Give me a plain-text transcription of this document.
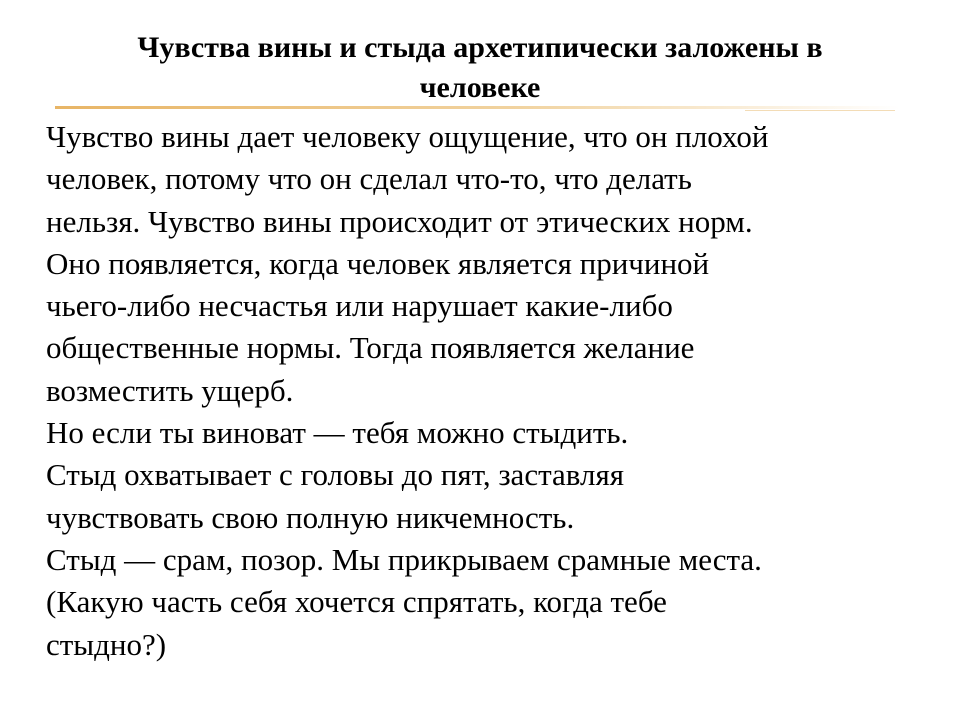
Чувства вины и стыда архетипически заложены в
человеке
Чувство вины дает человеку ощущение, что он плохой
человек, потому что он сделал что-то, что делать
нельзя. Чувство вины происходит от этических норм.
Оно появляется, когда человек является причиной
чьего-либо несчастья или нарушает какие-либо
общественные нормы. Тогда появляется желание
возместить ущерб.
Но если ты виноват — тебя можно стыдить.
Стыд охватывает с головы до пят, заставляя
чувствовать свою полную никчемность.
Стыд — срам, позор. Мы прикрываем срамные места.
(Какую часть себя хочется спрятать, когда тебе
стыдно?)
